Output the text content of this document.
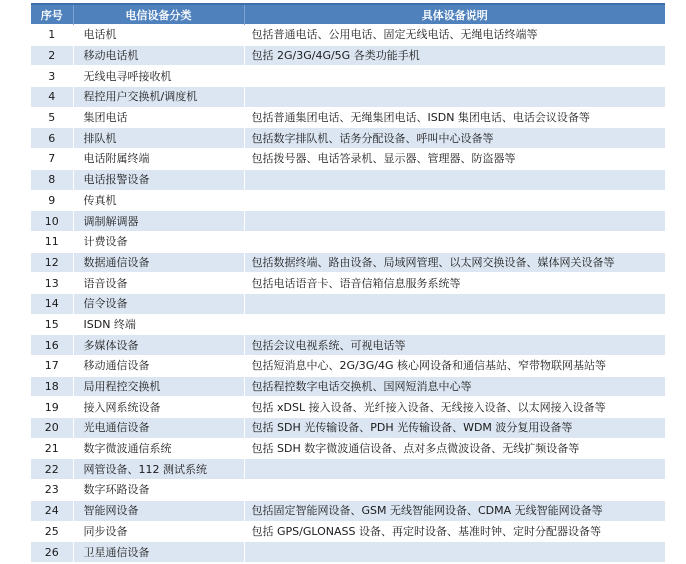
序号	电信设备分类	具体设备说明
1	电话机	包括普通电话、公用电话、固定无线电话、无绳电话终端等
2	移动电话机	包括 2G/3G/4G/5G 各类功能手机
3	无线电寻呼接收机	
4	程控用户交换机/调度机	
5	集团电话	包括普通集团电话、无绳集团电话、ISDN 集团电话、电话会议设备等
6	排队机	包括数字排队机、话务分配设备、呼叫中心设备等
7	电话附属终端	包括拨号器、电话答录机、显示器、管理器、防盗器等
8	电话报警设备	
9	传真机	
10	调制解调器	
11	计费设备	
12	数据通信设备	包括数据终端、路由设备、局域网管理、以太网交换设备、媒体网关设备等
13	语音设备	包括电话语音卡、语音信箱信息服务系统等
14	信令设备	
15	ISDN 终端	
16	多媒体设备	包括会议电视系统、可视电话等
17	移动通信设备	包括短消息中心、2G/3G/4G 核心网设备和通信基站、窄带物联网基站等
18	局用程控交换机	包括程控数字电话交换机、国网短消息中心等
19	接入网系统设备	包括 xDSL 接入设备、光纤接入设备、无线接入设备、以太网接入设备等
20	光电通信设备	包括 SDH 光传输设备、PDH 光传输设备、WDM 波分复用设备等
21	数字微波通信系统	包括 SDH 数字微波通信设备、点对多点微波设备、无线扩频设备等
22	网管设备、112 测试系统	
23	数字环路设备	
24	智能网设备	包括固定智能网设备、GSM 无线智能网设备、CDMA 无线智能网设备等
25	同步设备	包括 GPS/GLONASS 设备、再定时设备、基准时钟、定时分配器设备等
26	卫星通信设备	
